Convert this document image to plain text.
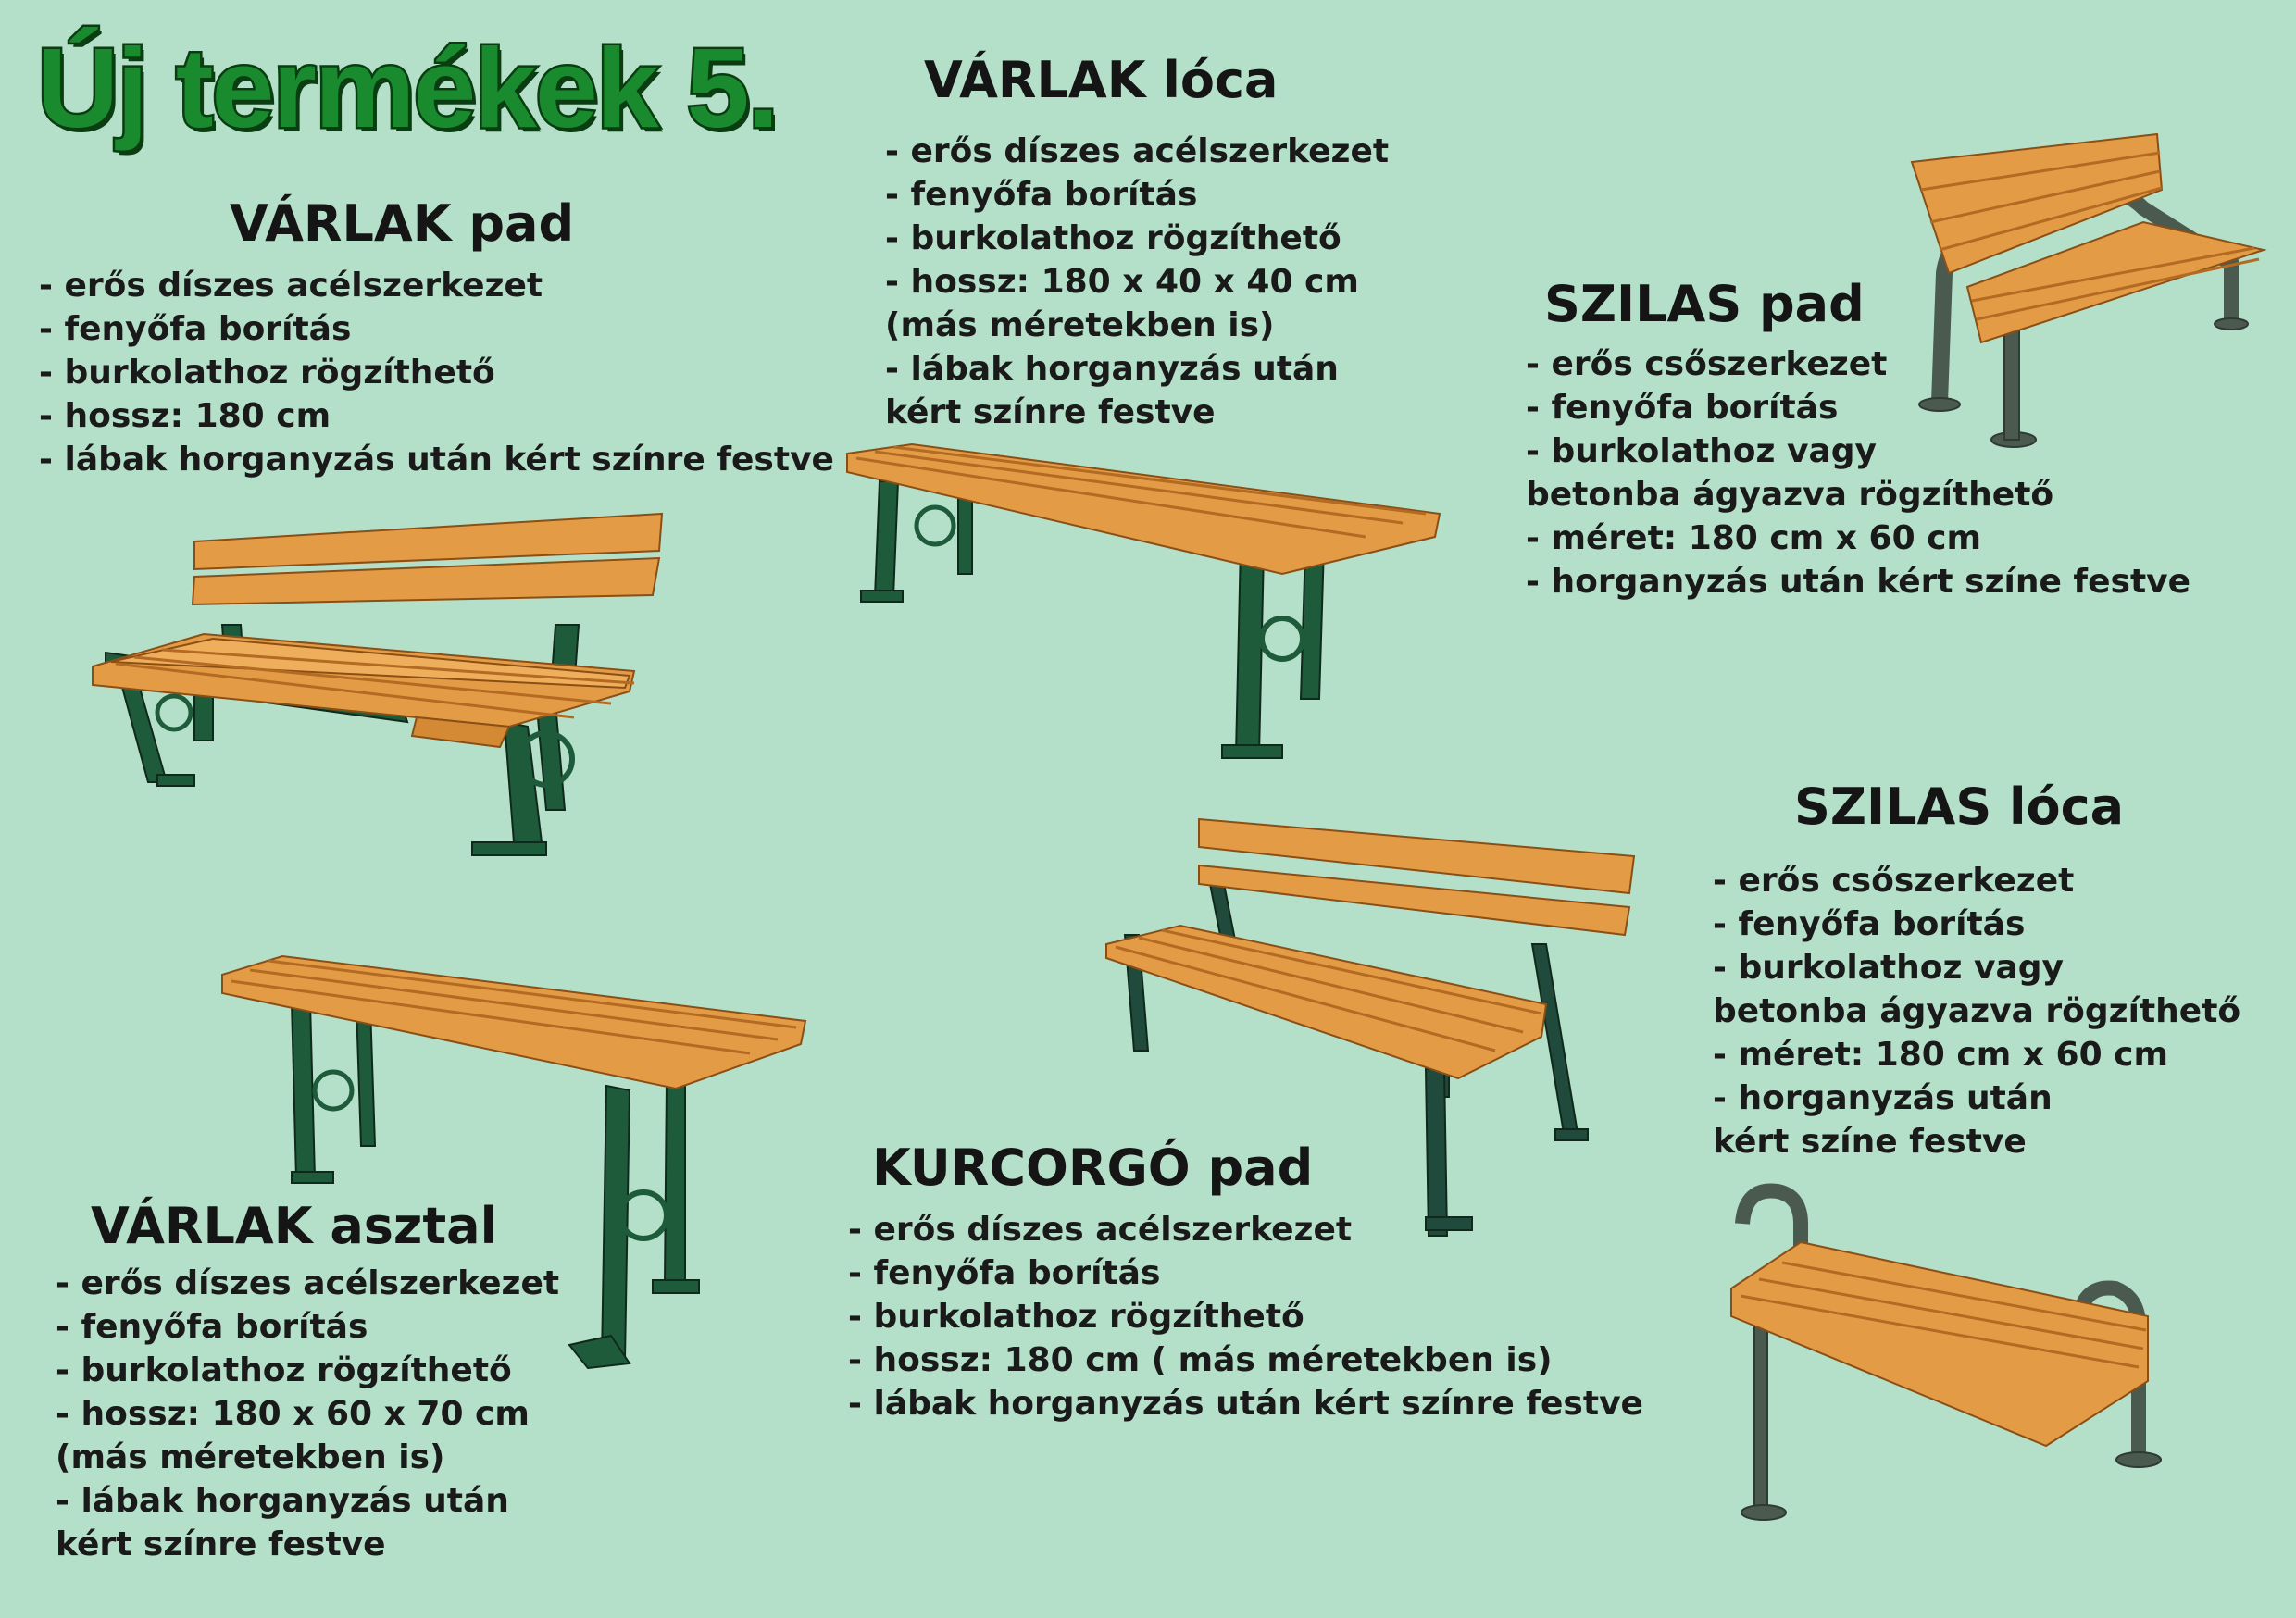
Új termékek 5.
VÁRLAK pad
- erős díszes acélszerkezet
- fenyőfa borítás
- burkolathoz rögzíthető
- hossz: 180 cm
- lábak horganyzás után kért színre festve
VÁRLAK lóca
- erős díszes acélszerkezet
- fenyőfa borítás
- burkolathoz rögzíthető
- hossz: 180 x 40 x 40 cm
(más méretekben is)
- lábak horganyzás után
kért színre festve
SZILAS pad
- erős csőszerkezet
- fenyőfa borítás
- burkolathoz vagy
betonba ágyazva rögzíthető
- méret: 180 cm x 60 cm
- horganyzás után kért színe festve
SZILAS lóca
- erős csőszerkezet
- fenyőfa borítás
- burkolathoz vagy
betonba ágyazva rögzíthető
- méret: 180 cm x 60 cm
- horganyzás után
kért színe festve
VÁRLAK asztal
- erős díszes acélszerkezet
- fenyőfa borítás
- burkolathoz rögzíthető
- hossz: 180 x 60 x 70 cm
(más méretekben is)
- lábak horganyzás után
kért színre festve
KURCORGÓ pad
- erős díszes acélszerkezet
- fenyőfa borítás
- burkolathoz rögzíthető
- hossz: 180 cm ( más méretekben is)
- lábak horganyzás után kért színre festve
